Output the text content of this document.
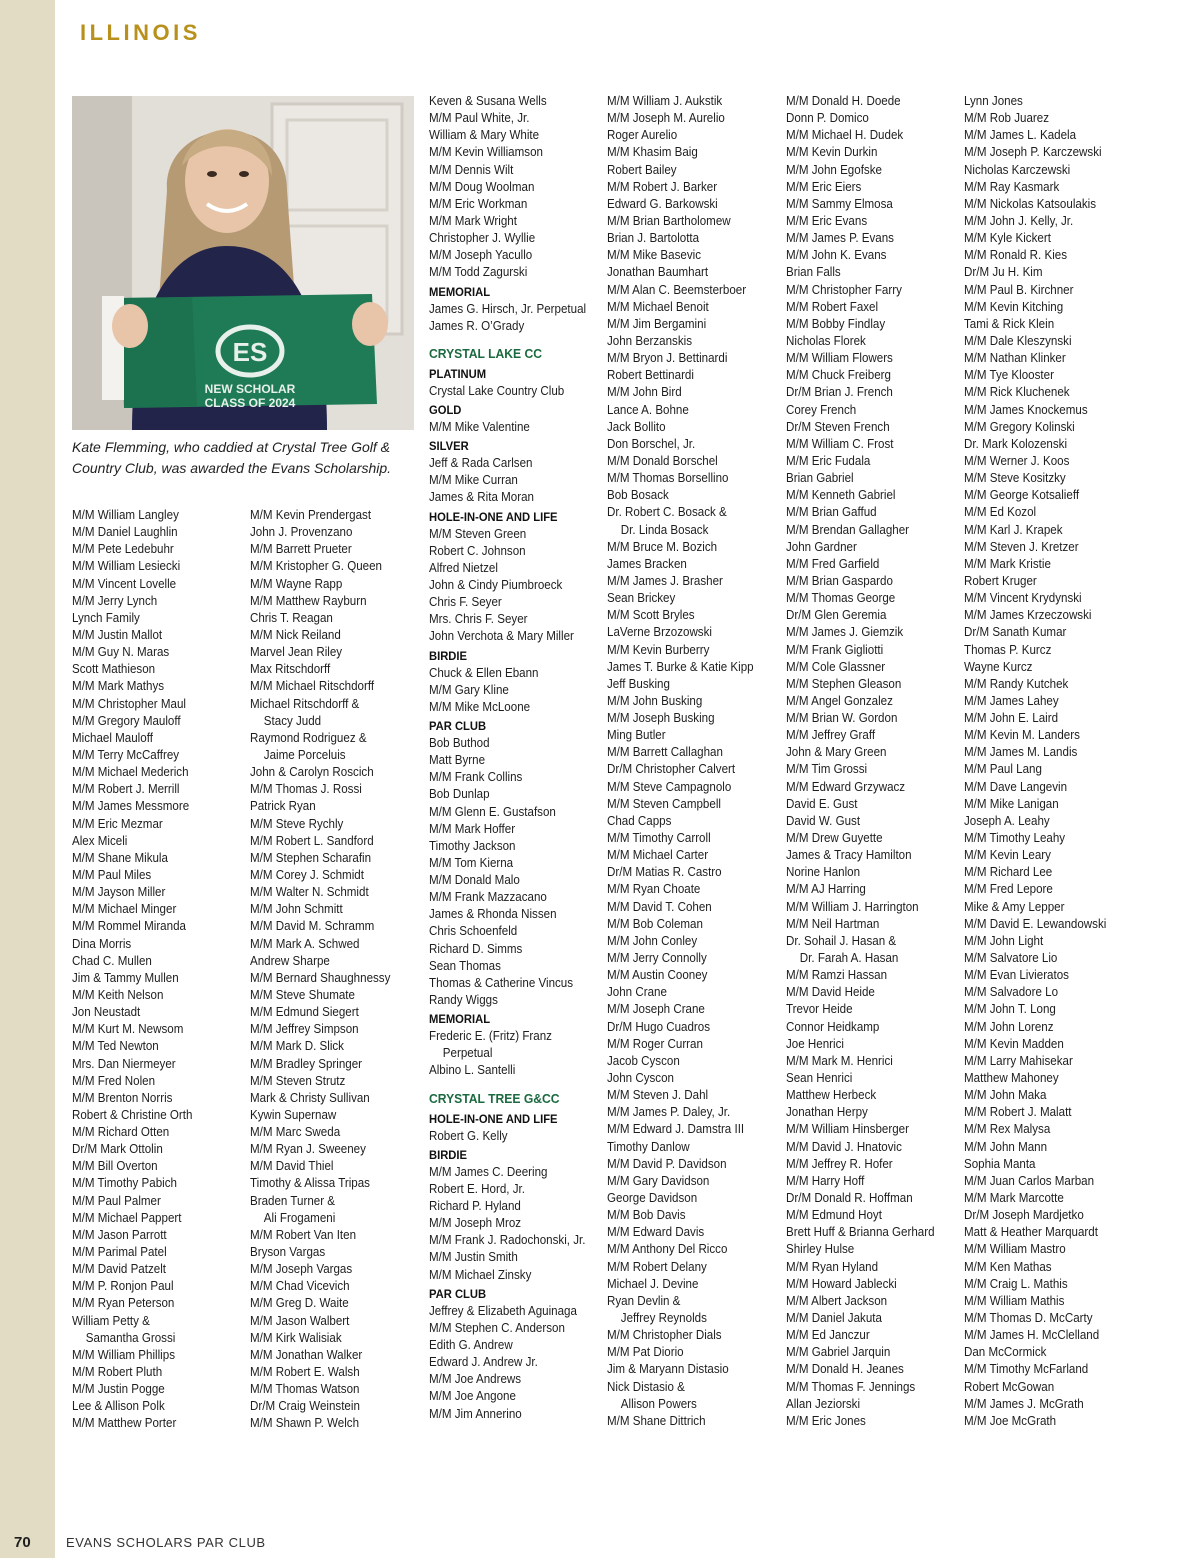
ILLINOIS
ES
NEW SCHOLAR
CLASS OF 2024
Kate Flemming, who caddied at Crystal Tree Golf & Country Club, was awarded the Evans Scholarship.
M/M William Langley
M/M Daniel Laughlin
M/M Pete Ledebuhr
M/M William Lesiecki
M/M Vincent Lovelle
M/M Jerry Lynch
Lynch Family
M/M Justin Mallot
M/M Guy N. Maras
Scott Mathieson
M/M Mark Mathys
M/M Christopher Maul
M/M Gregory Mauloff
Michael Mauloff
M/M Terry McCaffrey
M/M Michael Mederich
M/M Robert J. Merrill
M/M James Messmore
M/M Eric Mezmar
Alex Miceli
M/M Shane Mikula
M/M Paul Miles
M/M Jayson Miller
M/M Michael Minger
M/M Rommel Miranda
Dina Morris
Chad C. Mullen
Jim & Tammy Mullen
M/M Keith Nelson
Jon Neustadt
M/M Kurt M. Newsom
M/M Ted Newton
Mrs. Dan Niermeyer
M/M Fred Nolen
M/M Brenton Norris
Robert & Christine Orth
M/M Richard Otten
Dr/M Mark Ottolin
M/M Bill Overton
M/M Timothy Pabich
M/M Paul Palmer
M/M Michael Pappert
M/M Jason Parrott
M/M Parimal Patel
M/M David Patzelt
M/M P. Ronjon Paul
M/M Ryan Peterson
William Petty &
Samantha Grossi
M/M William Phillips
M/M Robert Pluth
M/M Justin Pogge
Lee & Allison Polk
M/M Matthew Porter
M/M Kevin Prendergast
John J. Provenzano
M/M Barrett Prueter
M/M Kristopher G. Queen
M/M Wayne Rapp
M/M Matthew Rayburn
Chris T. Reagan
M/M Nick Reiland
Marvel Jean Riley
Max Ritschdorff
M/M Michael Ritschdorff
Michael Ritschdorff &
Stacy Judd
Raymond Rodriguez &
Jaime Porceluis
John & Carolyn Roscich
M/M Thomas J. Rossi
Patrick Ryan
M/M Steve Rychly
M/M Robert L. Sandford
M/M Stephen Scharafin
M/M Corey J. Schmidt
M/M Walter N. Schmidt
M/M John Schmitt
M/M David M. Schramm
M/M Mark A. Schwed
Andrew Sharpe
M/M Bernard Shaughnessy
M/M Steve Shumate
M/M Edmund Siegert
M/M Jeffrey Simpson
M/M Mark D. Slick
M/M Bradley Springer
M/M Steven Strutz
Mark & Christy Sullivan
Kywin Supernaw
M/M Marc Sweda
M/M Ryan J. Sweeney
M/M David Thiel
Timothy & Alissa Tripas
Braden Turner &
Ali Frogameni
M/M Robert Van Iten
Bryson Vargas
M/M Joseph Vargas
M/M Chad Vicevich
M/M Greg D. Waite
M/M Jason Walbert
M/M Kirk Walisiak
M/M Jonathan Walker
M/M Robert E. Walsh
M/M Thomas Watson
Dr/M Craig Weinstein
M/M Shawn P. Welch
Keven & Susana Wells
M/M Paul White, Jr.
William & Mary White
M/M Kevin Williamson
M/M Dennis Wilt
M/M Doug Woolman
M/M Eric Workman
M/M Mark Wright
Christopher J. Wyllie
M/M Joseph Yacullo
M/M Todd Zagurski
MEMORIAL
James G. Hirsch, Jr. Perpetual
James R. O’Grady
CRYSTAL LAKE CC
PLATINUM
Crystal Lake Country Club
GOLD
M/M Mike Valentine
SILVER
Jeff & Rada Carlsen
M/M Mike Curran
James & Rita Moran
HOLE-IN-ONE AND LIFE
M/M Steven Green
Robert C. Johnson
Alfred Nietzel
John & Cindy Piumbroeck
Chris F. Seyer
Mrs. Chris F. Seyer
John Verchota & Mary Miller
BIRDIE
Chuck & Ellen Ebann
M/M Gary Kline
M/M Mike McLoone
PAR CLUB
Bob Buthod
Matt Byrne
M/M Frank Collins
Bob Dunlap
M/M Glenn E. Gustafson
M/M Mark Hoffer
Timothy Jackson
M/M Tom Kierna
M/M Donald Malo
M/M Frank Mazzacano
James & Rhonda Nissen
Chris Schoenfeld
Richard D. Simms
Sean Thomas
Thomas & Catherine Vincus
Randy Wiggs
MEMORIAL
Frederic E. (Fritz) Franz
Perpetual
Albino L. Santelli
CRYSTAL TREE G&CC
HOLE-IN-ONE AND LIFE
Robert G. Kelly
BIRDIE
M/M James C. Deering
Robert E. Hord, Jr.
Richard P. Hyland
M/M Joseph Mroz
M/M Frank J. Radochonski, Jr.
M/M Justin Smith
M/M Michael Zinsky
PAR CLUB
Jeffrey & Elizabeth Aguinaga
M/M Stephen C. Anderson
Edith G. Andrew
Edward J. Andrew Jr.
M/M Joe Andrews
M/M Joe Angone
M/M Jim Annerino
M/M William J. Aukstik
M/M Joseph M. Aurelio
Roger Aurelio
M/M Khasim Baig
Robert Bailey
M/M Robert J. Barker
Edward G. Barkowski
M/M Brian Bartholomew
Brian J. Bartolotta
M/M Mike Basevic
Jonathan Baumhart
M/M Alan C. Beemsterboer
M/M Michael Benoit
M/M Jim Bergamini
John Berzanskis
M/M Bryon J. Bettinardi
Robert Bettinardi
M/M John Bird
Lance A. Bohne
Jack Bollito
Don Borschel, Jr.
M/M Donald Borschel
M/M Thomas Borsellino
Bob Bosack
Dr. Robert C. Bosack &
Dr. Linda Bosack
M/M Bruce M. Bozich
James Bracken
M/M James J. Brasher
Sean Brickey
M/M Scott Bryles
LaVerne Brzozowski
M/M Kevin Burberry
James T. Burke & Katie Kipp
Jeff Busking
M/M John Busking
M/M Joseph Busking
Ming Butler
M/M Barrett Callaghan
Dr/M Christopher Calvert
M/M Steve Campagnolo
M/M Steven Campbell
Chad Capps
M/M Timothy Carroll
M/M Michael Carter
Dr/M Matias R. Castro
M/M Ryan Choate
M/M David T. Cohen
M/M Bob Coleman
M/M John Conley
M/M Jerry Connolly
M/M Austin Cooney
John Crane
M/M Joseph Crane
Dr/M Hugo Cuadros
M/M Roger Curran
Jacob Cyscon
John Cyscon
M/M Steven J. Dahl
M/M James P. Daley, Jr.
M/M Edward J. Damstra III
Timothy Danlow
M/M David P. Davidson
M/M Gary Davidson
George Davidson
M/M Bob Davis
M/M Edward Davis
M/M Anthony Del Ricco
M/M Robert Delany
Michael J. Devine
Ryan Devlin &
Jeffrey Reynolds
M/M Christopher Dials
M/M Pat Diorio
Jim & Maryann Distasio
Nick Distasio &
Allison Powers
M/M Shane Dittrich
M/M Donald H. Doede
Donn P. Domico
M/M Michael H. Dudek
M/M Kevin Durkin
M/M John Egofske
M/M Eric Eiers
M/M Sammy Elmosa
M/M Eric Evans
M/M James P. Evans
M/M John K. Evans
Brian Falls
M/M Christopher Farry
M/M Robert Faxel
M/M Bobby Findlay
Nicholas Florek
M/M William Flowers
M/M Chuck Freiberg
Dr/M Brian J. French
Corey French
Dr/M Steven French
M/M William C. Frost
M/M Eric Fudala
Brian Gabriel
M/M Kenneth Gabriel
M/M Brian Gaffud
M/M Brendan Gallagher
John Gardner
M/M Fred Garfield
M/M Brian Gaspardo
M/M Thomas George
Dr/M Glen Geremia
M/M James J. Giemzik
M/M Frank Gigliotti
M/M Cole Glassner
M/M Stephen Gleason
M/M Angel Gonzalez
M/M Brian W. Gordon
M/M Jeffrey Graff
John & Mary Green
M/M Tim Grossi
M/M Edward Grzywacz
David E. Gust
David W. Gust
M/M Drew Guyette
James & Tracy Hamilton
Norine Hanlon
M/M AJ Harring
M/M William J. Harrington
M/M Neil Hartman
Dr. Sohail J. Hasan &
Dr. Farah A. Hasan
M/M Ramzi Hassan
M/M David Heide
Trevor Heide
Connor Heidkamp
Joe Henrici
M/M Mark M. Henrici
Sean Henrici
Matthew Herbeck
Jonathan Herpy
M/M William Hinsberger
M/M David J. Hnatovic
M/M Jeffrey R. Hofer
M/M Harry Hoff
Dr/M Donald R. Hoffman
M/M Edmund Hoyt
Brett Huff & Brianna Gerhard
Shirley Hulse
M/M Ryan Hyland
M/M Howard Jablecki
M/M Albert Jackson
M/M Daniel Jakuta
M/M Ed Janczur
M/M Gabriel Jarquin
M/M Donald H. Jeanes
M/M Thomas F. Jennings
Allan Jeziorski
M/M Eric Jones
Lynn Jones
M/M Rob Juarez
M/M James L. Kadela
M/M Joseph P. Karczewski
Nicholas Karczewski
M/M Ray Kasmark
M/M Nickolas Katsoulakis
M/M John J. Kelly, Jr.
M/M Kyle Kickert
M/M Ronald R. Kies
Dr/M Ju H. Kim
M/M Paul B. Kirchner
M/M Kevin Kitching
Tami & Rick Klein
M/M Dale Kleszynski
M/M Nathan Klinker
M/M Tye Klooster
M/M Rick Kluchenek
M/M James Knockemus
M/M Gregory Kolinski
Dr. Mark Kolozenski
M/M Werner J. Koos
M/M Steve Kositzky
M/M George Kotsalieff
M/M Ed Kozol
M/M Karl J. Krapek
M/M Steven J. Kretzer
M/M Mark Kristie
Robert Kruger
M/M Vincent Krydynski
M/M James Krzeczowski
Dr/M Sanath Kumar
Thomas P. Kurcz
Wayne Kurcz
M/M Randy Kutchek
M/M James Lahey
M/M John E. Laird
M/M Kevin M. Landers
M/M James M. Landis
M/M Paul Lang
M/M Dave Langevin
M/M Mike Lanigan
Joseph A. Leahy
M/M Timothy Leahy
M/M Kevin Leary
M/M Richard Lee
M/M Fred Lepore
Mike & Amy Lepper
M/M David E. Lewandowski
M/M John Light
M/M Salvatore Lio
M/M Evan Livieratos
M/M Salvadore Lo
M/M John T. Long
M/M John Lorenz
M/M Kevin Madden
M/M Larry Mahisekar
Matthew Mahoney
M/M John Maka
M/M Robert J. Malatt
M/M Rex Malysa
M/M John Mann
Sophia Manta
M/M Juan Carlos Marban
M/M Mark Marcotte
Dr/M Joseph Mardjetko
Matt & Heather Marquardt
M/M William Mastro
M/M Ken Mathas
M/M Craig L. Mathis
M/M William Mathis
M/M Thomas D. McCarty
M/M James H. McClelland
Dan McCormick
M/M Timothy McFarland
Robert McGowan
M/M James J. McGrath
M/M Joe McGrath
70	EVANS SCHOLARS PAR CLUB
